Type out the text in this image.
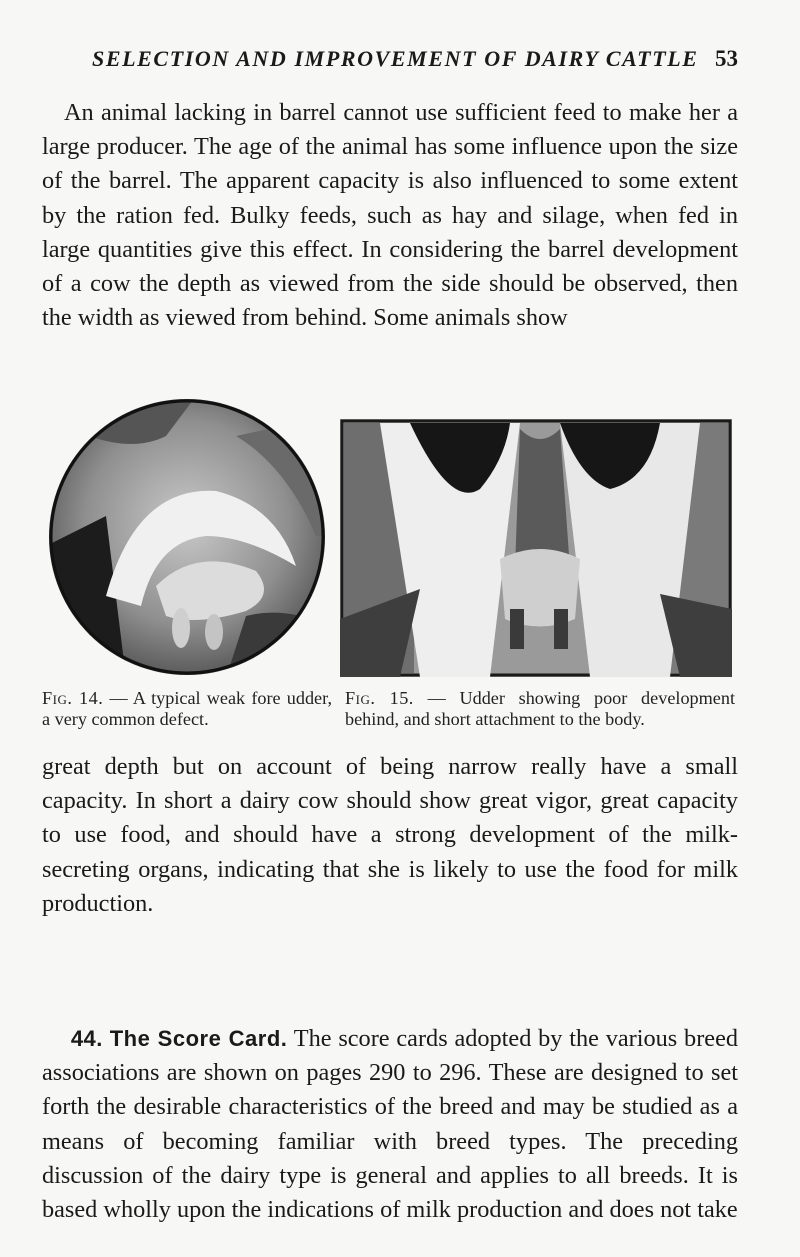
SELECTION AND IMPROVEMENT OF DAIRY CATTLE 53

An animal lacking in barrel cannot use sufficient feed to make her a large producer. The age of the animal has some influence upon the size of the barrel. The apparent capacity is also influenced to some extent by the ration fed. Bulky feeds, such as hay and silage, when fed in large quantities give this effect. In considering the barrel development of a cow the depth as viewed from the side should be observed, then the width as viewed from behind. Some animals show

Fig. 14. — A typical weak fore udder, a very common defect.

Fig. 15. — Udder showing poor development behind, and short attachment to the body.

great depth but on account of being narrow really have a small capacity. In short a dairy cow should show great vigor, great capacity to use food, and should have a strong development of the milk-secreting organs, indicating that she is likely to use the food for milk production.

44. The Score Card. The score cards adopted by the various breed associations are shown on pages 290 to 296. These are designed to set forth the desirable characteristics of the breed and may be studied as a means of becoming familiar with breed types. The preceding discussion of the dairy type is general and applies to all breeds. It is based wholly upon the indications of milk production and does not take
